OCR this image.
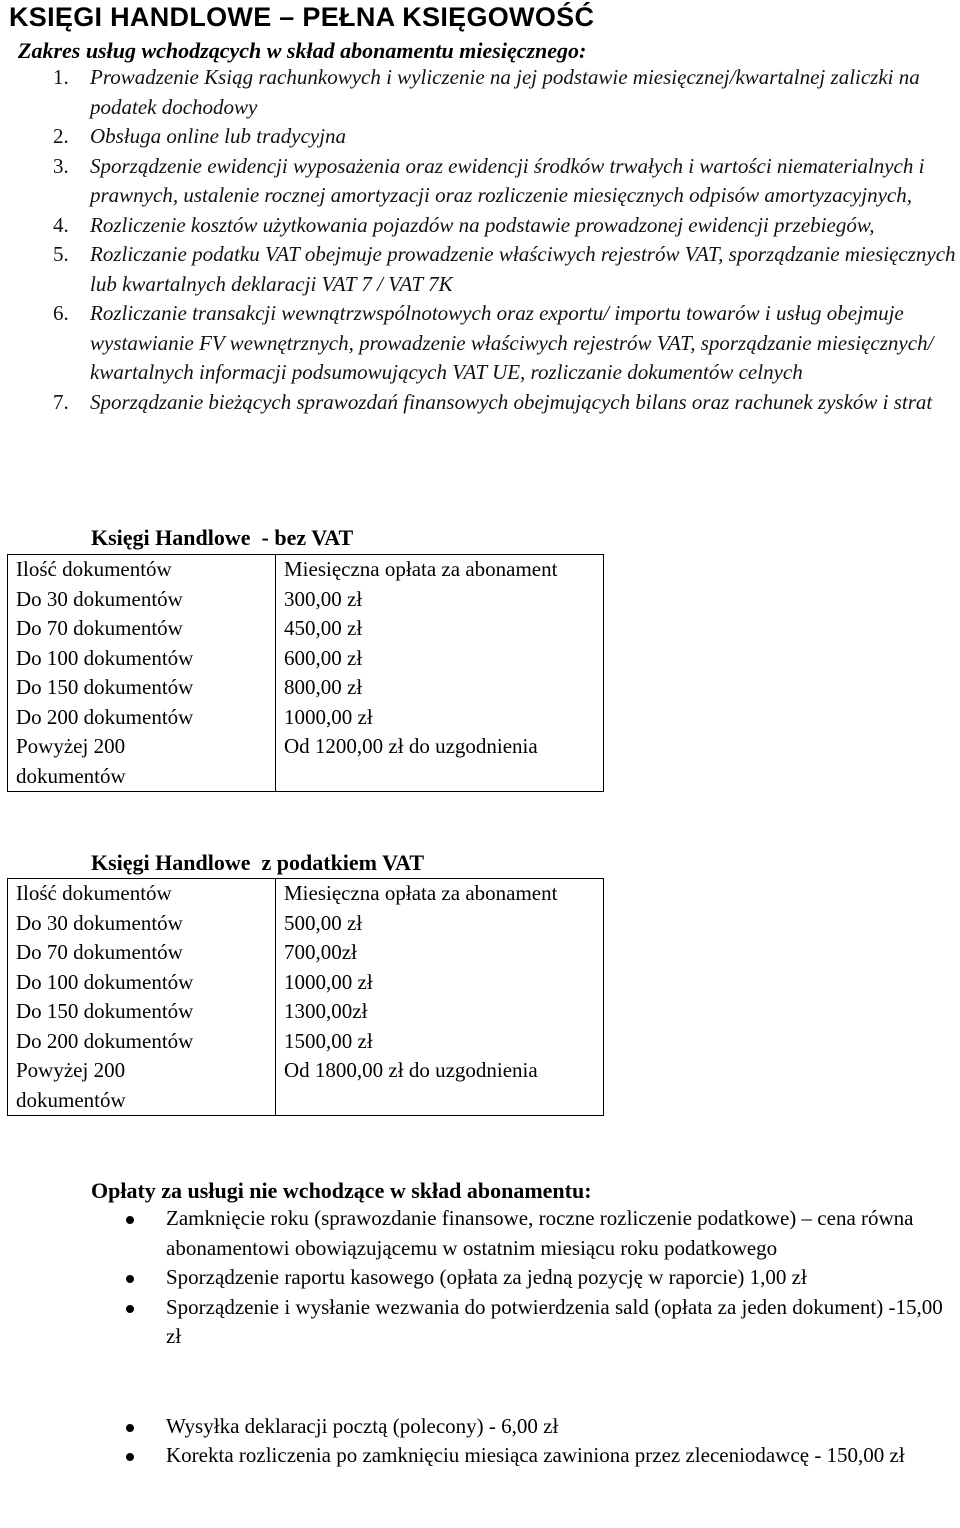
KSIĘGI HANDLOWE – PEŁNA KSIĘGOWOŚĆ
Zakres usług wchodzących w skład abonamentu miesięcznego:
1. Prowadzenie Ksiąg rachunkowych i wyliczenie na jej podstawie miesięcznej/kwartalnej zaliczki na podatek dochodowy
2. Obsługa online lub tradycyjna
3. Sporządzenie ewidencji wyposażenia oraz ewidencji środków trwałych i wartości niematerialnych i prawnych, ustalenie rocznej amortyzacji oraz rozliczenie miesięcznych odpisów amortyzacyjnych,
4. Rozliczenie kosztów użytkowania pojazdów na podstawie prowadzonej ewidencji przebiegów,
5. Rozliczanie podatku VAT obejmuje prowadzenie właściwych rejestrów VAT, sporządzanie miesięcznych lub kwartalnych deklaracji VAT 7 / VAT 7K
6. Rozliczanie transakcji wewnątrzwspólnotowych oraz exportu/ importu towarów i usług obejmuje wystawianie FV wewnętrznych, prowadzenie właściwych rejestrów VAT, sporządzanie miesięcznych/ kwartalnych informacji podsumowujących VAT UE, rozliczanie dokumentów celnych
7. Sporządzanie bieżących sprawozdań finansowych obejmujących bilans oraz rachunek zysków i strat
Księgi Handlowe  - bez VAT
Ilość dokumentów	Miesięczna opłata za abonament
Do 30 dokumentów	300,00 zł
Do 70 dokumentów	450,00 zł
Do 100 dokumentów	600,00 zł
Do 150 dokumentów	800,00 zł
Do 200 dokumentów	1000,00 zł
Powyżej 200 dokumentów	Od 1200,00 zł do uzgodnienia
Księgi Handlowe  z podatkiem VAT
Ilość dokumentów	Miesięczna opłata za abonament
Do 30 dokumentów	500,00 zł
Do 70 dokumentów	700,00zł
Do 100 dokumentów	1000,00 zł
Do 150 dokumentów	1300,00zł
Do 200 dokumentów	1500,00 zł
Powyżej 200 dokumentów	Od 1800,00 zł do uzgodnienia
Opłaty za usługi nie wchodzące w skład abonamentu:
Zamknięcie roku (sprawozdanie finansowe, roczne rozliczenie podatkowe) – cena równa abonamentowi obowiązującemu w ostatnim miesiącu roku podatkowego
Sporządzenie raportu kasowego (opłata za jedną pozycję w raporcie) 1,00 zł
Sporządzenie i wysłanie wezwania do potwierdzenia sald (opłata za jeden dokument) -15,00 zł
Wysyłka deklaracji pocztą (polecony) - 6,00 zł
Korekta rozliczenia po zamknięciu miesiąca zawiniona przez zleceniodawcę - 150,00 zł
